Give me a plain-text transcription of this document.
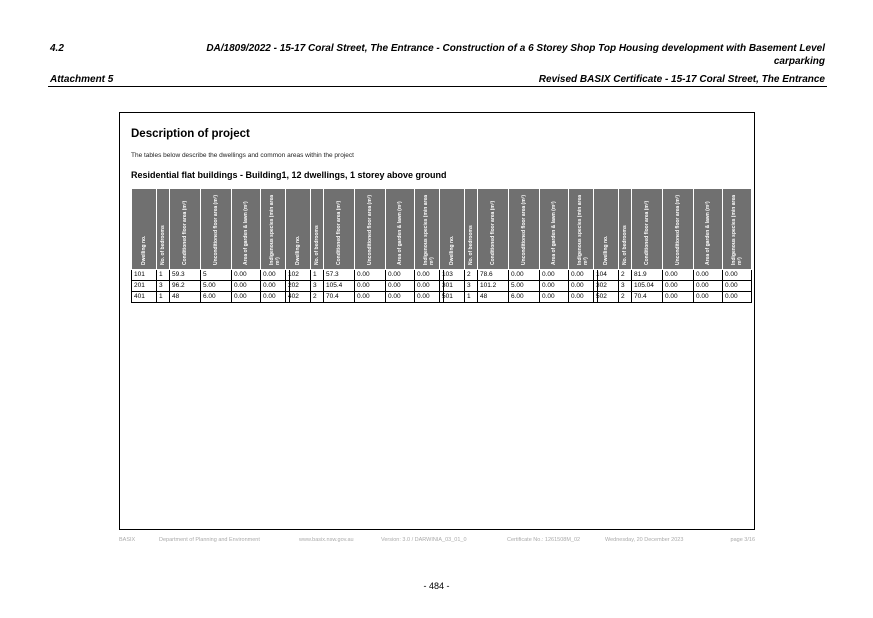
4.2	DA/1809/2022 - 15-17 Coral Street, The Entrance - Construction of a 6 Storey Shop Top Housing development with Basement Level carparking
Attachment 5	Revised BASIX Certificate - 15-17 Coral Street, The Entrance
Description of project
The tables below describe the dwellings and common areas within the project
Residential flat buildings - Building1, 12 dwellings, 1 storey above ground
Dwelling no.	No. of bedrooms	Conditioned floor area (m²)	Unconditioned floor area (m²)	Area of garden & lawn (m²)	Indigenous species (min area m²)

101	1	59.3	5	0.00	0.00
201	3	96.2	5.00	0.00	0.00
401	1	48	6.00	0.00	0.00
Dwelling no.	No. of bedrooms	Conditioned floor area (m²)	Unconditioned floor area (m²)	Area of garden & lawn (m²)	Indigenous species (min area m²)

102	1	57.3	0.00	0.00	0.00
202	3	105.4	0.00	0.00	0.00
402	2	70.4	0.00	0.00	0.00
Dwelling no.	No. of bedrooms	Conditioned floor area (m²)	Unconditioned floor area (m²)	Area of garden & lawn (m²)	Indigenous species (min area m²)

103	2	78.6	0.00	0.00	0.00
301	3	101.2	5.00	0.00	0.00
501	1	48	6.00	0.00	0.00
Dwelling no.	No. of bedrooms	Conditioned floor area (m²)	Unconditioned floor area (m²)	Area of garden & lawn (m²)	Indigenous species (min area m²)

104	2	81.9	0.00	0.00	0.00
302	3	105.04	0.00	0.00	0.00
502	2	70.4	0.00	0.00	0.00
BASIX	Department of Planning and Environment	www.basix.nsw.gov.au	Version: 3.0 / DARWINIA_03_01_0	Certificate No.: 1261508M_02	Wednesday, 20 December 2023	page 3/16
- 484 -
